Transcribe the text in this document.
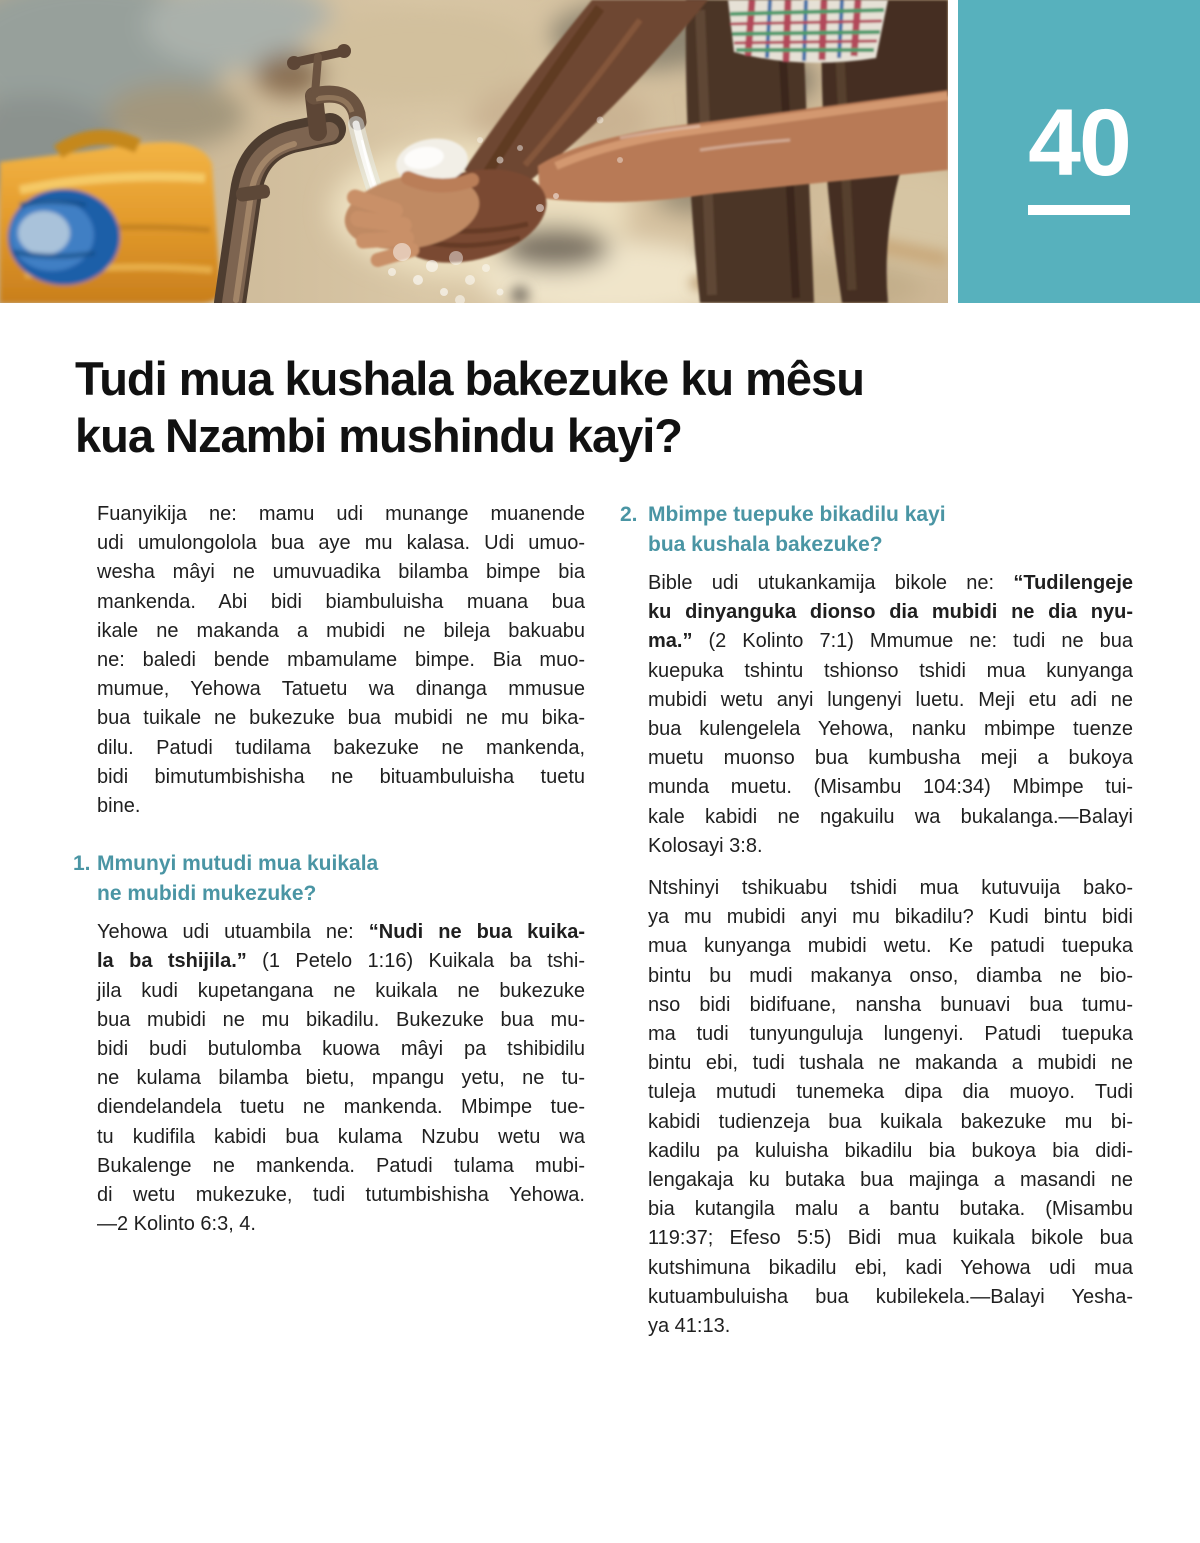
40
Tudi mua kushala bakezuke ku mêsu
kua Nzambi mushindu kayi?
Fuanyikija ne: mamu udi munange muanende
udi umulongolola bua aye mu kalasa. Udi umuo-
wesha mâyi ne umuvuadika bilamba bimpe bia
mankenda. Abi bidi biambuluisha muana bua
ikale ne makanda a mubidi ne bileja bakuabu
ne: baledi bende mbamulame bimpe. Bia muo-
mumue, Yehowa Tatuetu wa dinanga mmusue
bua tuikale ne bukezuke bua mubidi ne mu bika-
dilu. Patudi tudilama bakezuke ne mankenda,
bidi bimutumbishisha ne bituambuluisha tuetu
bine.
1. Mmunyi mutudi mua kuikala
ne mubidi mukezuke?
Yehowa udi utuambila ne: “Nudi ne bua kuika-
la ba tshijila.” (1 Petelo 1:16) Kuikala ba tshi-
jila kudi kupetangana ne kuikala ne bukezuke
bua mubidi ne mu bikadilu. Bukezuke bua mu-
bidi budi butulomba kuowa mâyi pa tshibidilu
ne kulama bilamba bietu, mpangu yetu, ne tu-
diendelandela tuetu ne mankenda. Mbimpe tue-
tu kudifila kabidi bua kulama Nzubu wetu wa
Bukalenge ne mankenda. Patudi tulama mubi-
di wetu mukezuke, tudi tutumbishisha Yehowa.
—2 Kolinto 6:3, 4.
2. Mbimpe tuepuke bikadilu kayi
bua kushala bakezuke?
Bible udi utukankamija bikole ne: “Tudilengeje
ku dinyanguka dionso dia mubidi ne dia nyu-
ma.” (2 Kolinto 7:1) Mmumue ne: tudi ne bua
kuepuka tshintu tshionso tshidi mua kunyanga
mubidi wetu anyi lungenyi luetu. Meji etu adi ne
bua kulengelela Yehowa, nanku mbimpe tuenze
muetu muonso bua kumbusha meji a bukoya
munda muetu. (Misambu 104:34) Mbimpe tui-
kale kabidi ne ngakuilu wa bukalanga.—Balayi
Kolosayi 3:8.
Ntshinyi tshikuabu tshidi mua kutuvuija bako-
ya mu mubidi anyi mu bikadilu? Kudi bintu bidi
mua kunyanga mubidi wetu. Ke patudi tuepuka
bintu bu mudi makanya onso, diamba ne bio-
nso bidi bidifuane, nansha bunuavi bua tumu-
ma tudi tunyunguluja lungenyi. Patudi tuepuka
bintu ebi, tudi tushala ne makanda a mubidi ne
tuleja mutudi tunemeka dipa dia muoyo. Tudi
kabidi tudienzeja bua kuikala bakezuke mu bi-
kadilu pa kuluisha bikadilu bia bukoya bia didi-
lengakaja ku butaka bua majinga a masandi ne
bia kutangila malu a bantu butaka. (Misambu
119:37; Efeso 5:5) Bidi mua kuikala bikole bua
kutshimuna bikadilu ebi, kadi Yehowa udi mua
kutuambuluisha bua kubilekela.—Balayi Yesha-
ya 41:13.
